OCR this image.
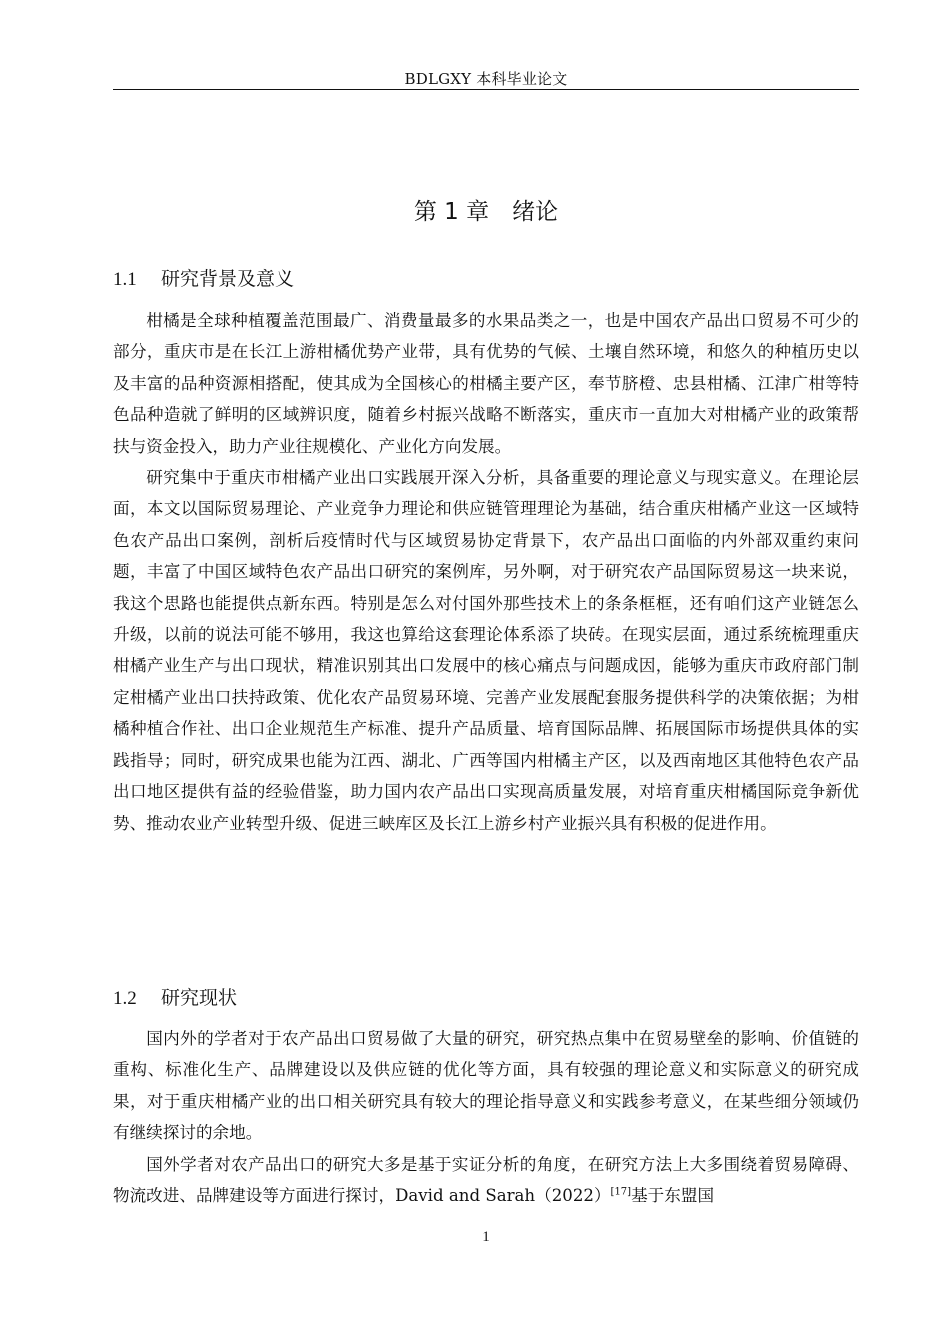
BDLGXY 本科毕业论文
第 1 章　绪论
1.1 研究背景及意义

柑橘是全球种植覆盖范围最广、消费量最多的水果品类之一，也是中国农产品出口贸易不可少的部分，重庆市是在长江上游柑橘优势产业带，具有优势的气候、土壤自然环境，和悠久的种植历史以及丰富的品种资源相搭配，使其成为全国核心的柑橘主要产区，奉节脐橙、忠县柑橘、江津广柑等特色品种造就了鲜明的区域辨识度，随着乡村振兴战略不断落实，重庆市一直加大对柑橘产业的政策帮扶与资金投入，助力产业往规模化、产业化方向发展。

研究集中于重庆市柑橘产业出口实践展开深入分析，具备重要的理论意义与现实意义。在理论层面，本文以国际贸易理论、产业竞争力理论和供应链管理理论为基础，结合重庆柑橘产业这一区域特色农产品出口案例，剖析后疫情时代与区域贸易协定背景下，农产品出口面临的内外部双重约束问题，丰富了中国区域特色农产品出口研究的案例库，另外啊，对于研究农产品国际贸易这一块来说，我这个思路也能提供点新东西。特别是怎么对付国外那些技术上的条条框框，还有咱们这产业链怎么升级，以前的说法可能不够用，我这也算给这套理论体系添了块砖。在现实层面，通过系统梳理重庆柑橘产业生产与出口现状，精准识别其出口发展中的核心痛点与问题成因，能够为重庆市政府部门制定柑橘产业出口扶持政策、优化农产品贸易环境、完善产业发展配套服务提供科学的决策依据；为柑橘种植合作社、出口企业规范生产标准、提升产品质量、培育国际品牌、拓展国际市场提供具体的实践指导；同时，研究成果也能为江西、湖北、广西等国内柑橘主产区，以及西南地区其他特色农产品出口地区提供有益的经验借鉴，助力国内农产品出口实现高质量发展，对培育重庆柑橘国际竞争新优势、推动农业产业转型升级、促进三峡库区及长江上游乡村产业振兴具有积极的促进作用。

1.2 研究现状

国内外的学者对于农产品出口贸易做了大量的研究，研究热点集中在贸易壁垒的影响、价值链的重构、标准化生产、品牌建设以及供应链的优化等方面，具有较强的理论意义和实际意义的研究成果，对于重庆柑橘产业的出口相关研究具有较大的理论指导意义和实践参考意义，在某些细分领域仍有继续探讨的余地。

国外学者对农产品出口的研究大多是基于实证分析的角度，在研究方法上大多围绕着贸易障碍、物流改进、品牌建设等方面进行探讨，David and Sarah（2022）[17]基于东盟国

1
